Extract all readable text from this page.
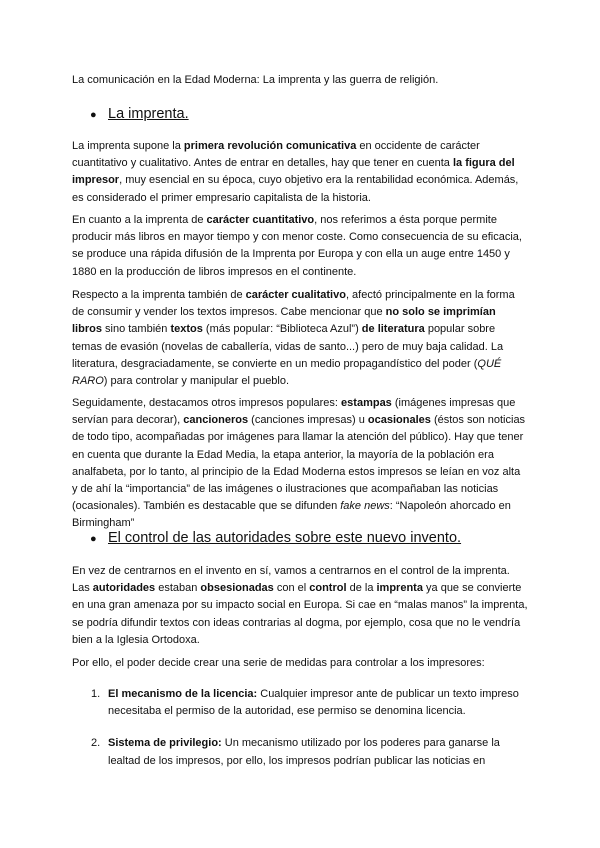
La comunicación en la Edad Moderna: La imprenta y las guerra de religión.
● La imprenta.

La imprenta supone la primera revolución comunicativa en occidente de carácter cuantitativo y cualitativo. Antes de entrar en detalles, hay que tener en cuenta la figura del impresor, muy esencial en su época, cuyo objetivo era la rentabilidad económica. Además, es considerado el primer empresario capitalista de la historia.

En cuanto a la imprenta de carácter cuantitativo, nos referimos a ésta porque permite producir más libros en mayor tiempo y con menor coste. Como consecuencia de su eficacia, se produce una rápida difusión de la Imprenta por Europa y con ella un auge entre 1450 y 1880 en la producción de libros impresos en el continente.

Respecto a la imprenta también de carácter cualitativo, afectó principalmente en la forma de consumir y vender los textos impresos. Cabe mencionar que no solo se imprimían libros sino también textos (más popular: “Biblioteca Azul”) de literatura popular sobre temas de evasión (novelas de caballería, vidas de santo...) pero de muy baja calidad. La literatura, desgraciadamente, se convierte en un medio propagandístico del poder (QUÉ RARO) para controlar y manipular el pueblo.

Seguidamente, destacamos otros impresos populares: estampas (imágenes impresas que servían para decorar), cancioneros (canciones impresas) u ocasionales (éstos son noticias de todo tipo, acompañadas por imágenes para llamar la atención del público). Hay que tener en cuenta que durante la Edad Media, la etapa anterior, la mayoría de la población era analfabeta, por lo tanto, al principio de la Edad Moderna estos impresos se leían en voz alta y de ahí la “importancia” de las imágenes o ilustraciones que acompañaban las noticias (ocasionales). También es destacable que se difunden fake news: “Napoleón ahorcado en Birmingham”

● El control de las autoridades sobre este nuevo invento.

En vez de centrarnos en el invento en sí, vamos a centrarnos en el control de la imprenta. Las autoridades estaban obsesionadas con el control de la imprenta ya que se convierte en una gran amenaza por su impacto social en Europa. Si cae en “malas manos” la imprenta, se podría difundir textos con ideas contrarias al dogma, por ejemplo, cosa que no le vendría bien a la Iglesia Ortodoxa.

Por ello, el poder decide crear una serie de medidas para controlar a los impresores:
1. El mecanismo de la licencia: Cualquier impresor ante de publicar un texto impreso necesitaba el permiso de la autoridad, ese permiso se denomina licencia.
2. Sistema de privilegio: Un mecanismo utilizado por los poderes para ganarse la lealtad de los impresos, por ello, los impresos podrían publicar las noticias en
